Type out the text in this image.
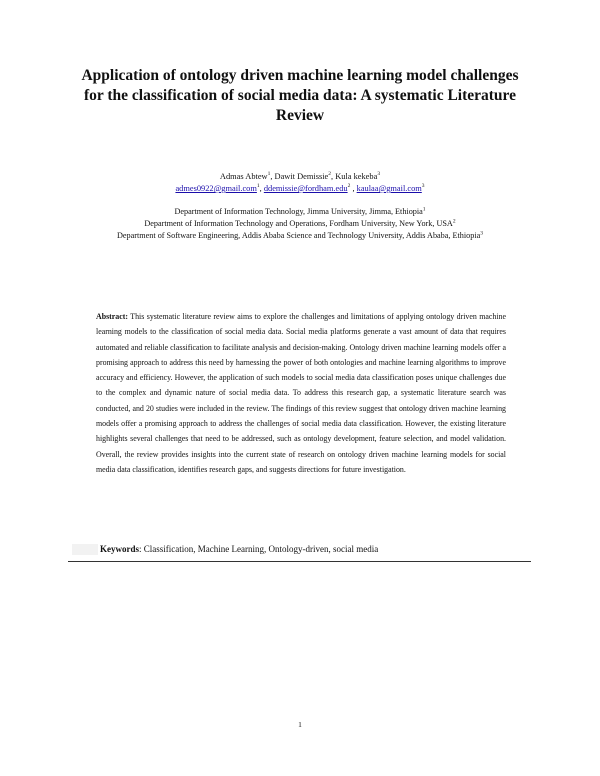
Application of ontology driven machine learning model challenges for the classification of social media data: A systematic Literature Review
Admas Abtew$^1$, Dawit Demissie$^2$, Kula kekeba$^3$
admes0922@gmail.com$^1$, ddemissie@fordham.edu$^2$ , kaulaa@gmail.com$^3$
Department of Information Technology, Jimma University, Jimma, Ethiopia$^1$
Department of Information Technology and Operations, Fordham University, New York, USA$^2$
Department of Software Engineering, Addis Ababa Science and Technology University, Addis Ababa, Ethiopia$^3$
Abstract: This systematic literature review aims to explore the challenges and limitations of applying ontology driven machine learning models to the classification of social media data. Social media platforms generate a vast amount of data that requires automated and reliable classification to facilitate analysis and decision-making. Ontology driven machine learning models offer a promising approach to address this need by harnessing the power of both ontologies and machine learning algorithms to improve accuracy and efficiency. However, the application of such models to social media data classification poses unique challenges due to the complex and dynamic nature of social media data. To address this research gap, a systematic literature search was conducted, and 20 studies were included in the review. The findings of this review suggest that ontology driven machine learning models offer a promising approach to address the challenges of social media data classification. However, the existing literature highlights several challenges that need to be addressed, such as ontology development, feature selection, and model validation. Overall, the review provides insights into the current state of research on ontology driven machine learning models for social media data classification, identifies research gaps, and suggests directions for future investigation.
Keywords: Classification, Machine Learning, Ontology-driven, social media
1
